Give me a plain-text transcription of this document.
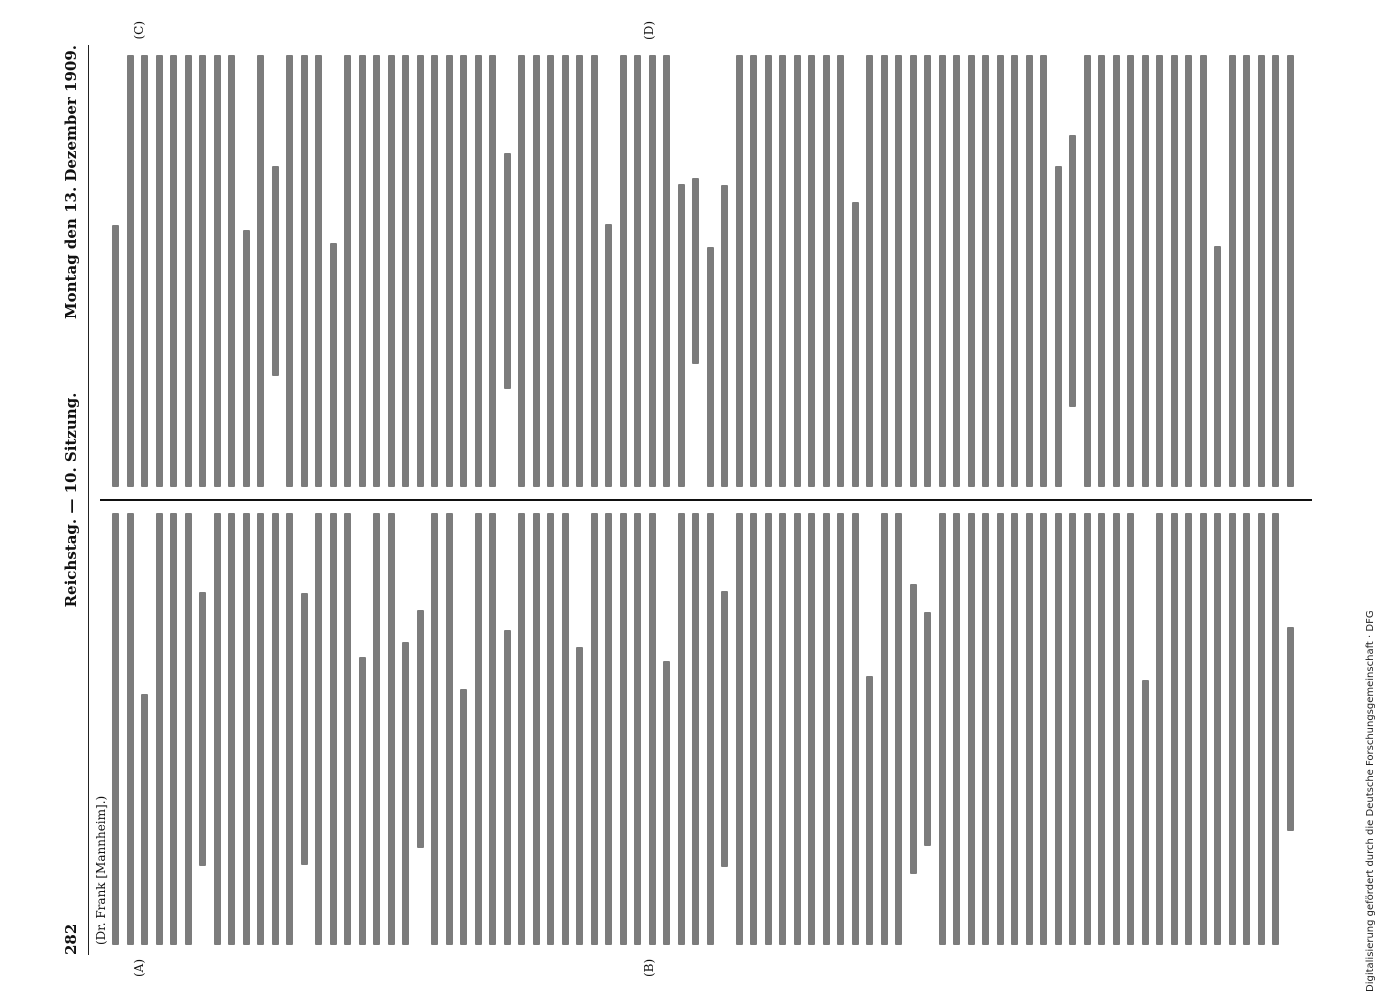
282
Reichstag. — 10. Sitzung.
Montag den 13. Dezember 1909.
(Dr. Frank [Mannheim].)
(A)	(B)
(C)	(D)
Digitalisierung gefördert durch die Deutsche Forschungsgemeinschaft · DFG
